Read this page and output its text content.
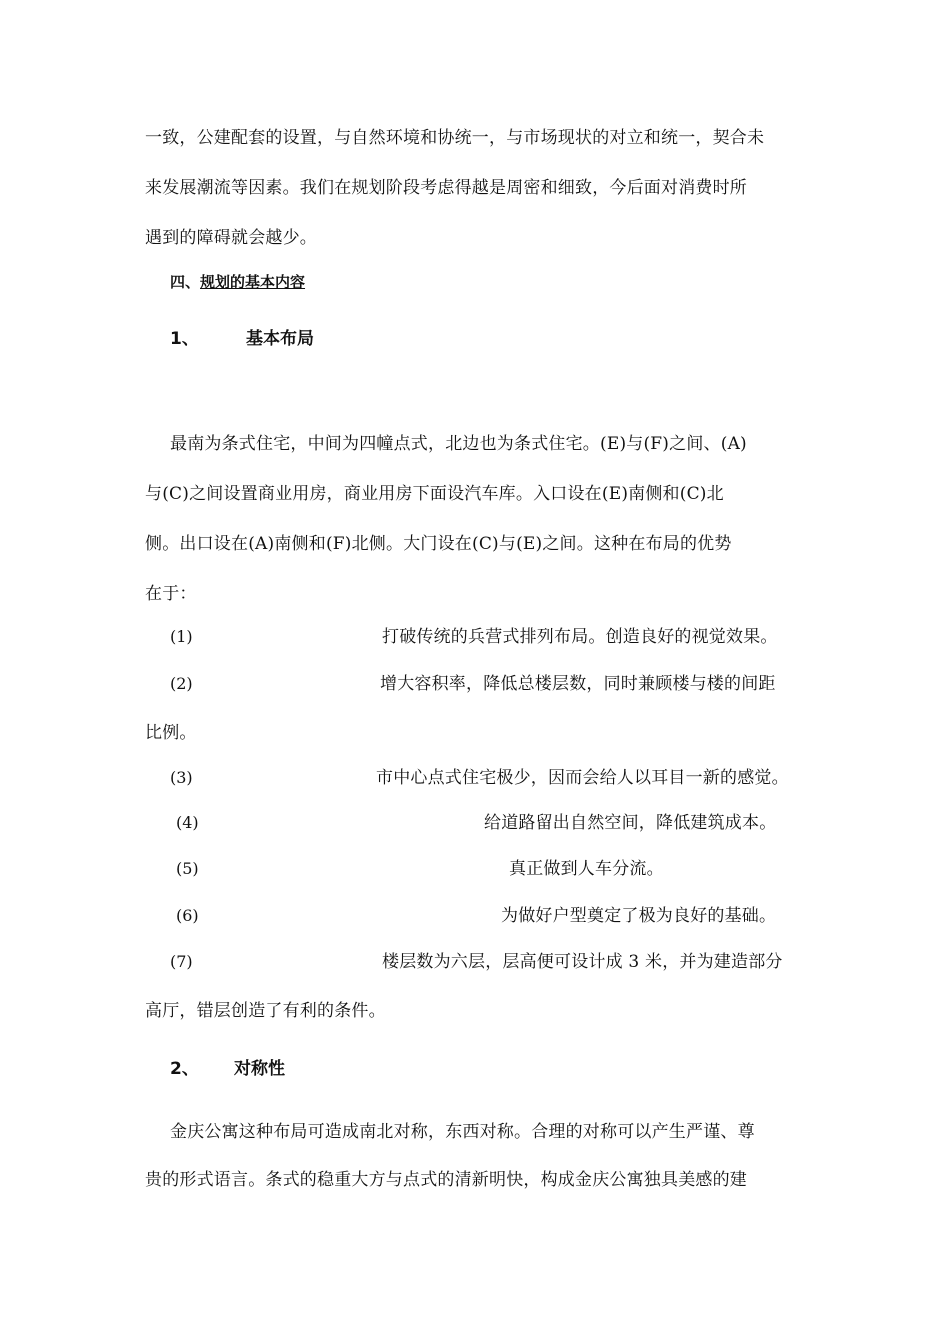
一致，公建配套的设置，与自然环境和协统一，与市场现状的对立和统一，契合未
来发展潮流等因素。我们在规划阶段考虑得越是周密和细致，今后面对消费时所
遇到的障碍就会越少。
四、规划的基本内容
1、	基本布局
最南为条式住宅，中间为四幢点式，北边也为条式住宅。(E)与(F)之间、(A)
与(C)之间设置商业用房，商业用房下面设汽车库。入口设在(E)南侧和(C)北
侧。出口设在(A)南侧和(F)北侧。大门设在(C)与(E)之间。这种在布局的优势
在于：
(1)	打破传统的兵营式排列布局。创造良好的视觉效果。
(2)	增大容积率，降低总楼层数，同时兼顾楼与楼的间距
比例。
(3)	市中心点式住宅极少，因而会给人以耳目一新的感觉。
(4)	给道路留出自然空间，降低建筑成本。
(5)	真正做到人车分流。
(6)	为做好户型奠定了极为良好的基础。
(7)	楼层数为六层，层高便可设计成 3 米，并为建造部分
高厅，错层创造了有利的条件。
2、 对称性
金庆公寓这种布局可造成南北对称，东西对称。合理的对称可以产生严谨、尊
贵的形式语言。条式的稳重大方与点式的清新明快，构成金庆公寓独具美感的建
